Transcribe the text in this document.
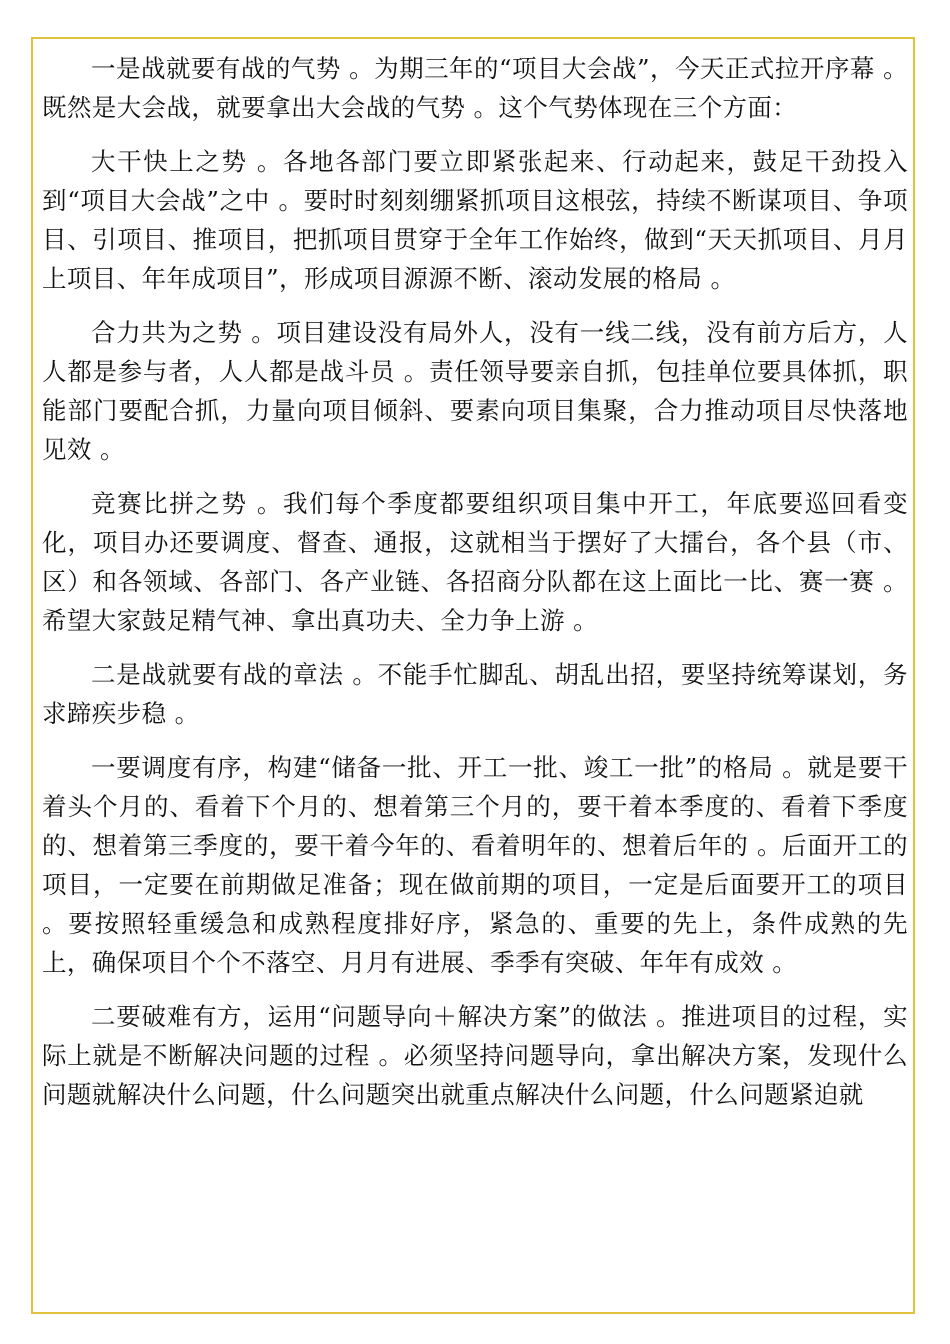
一是战就要有战的气势 。为期三年的“项目大会战”，今天正式拉开序幕 。既然是大会战，就要拿出大会战的气势 。这个气势体现在三个方面：

大干快上之势 。各地各部门要立即紧张起来、行动起来，鼓足干劲投入到“项目大会战”之中 。要时时刻刻绷紧抓项目这根弦，持续不断谋项目、争项目、引项目、推项目，把抓项目贯穿于全年工作始终，做到“天天抓项目、月月上项目、年年成项目”，形成项目源源不断、滚动发展的格局 。

合力共为之势 。项目建设没有局外人，没有一线二线，没有前方后方，人人都是参与者，人人都是战斗员 。责任领导要亲自抓，包挂单位要具体抓，职能部门要配合抓，力量向项目倾斜、要素向项目集聚，合力推动项目尽快落地见效 。

竞赛比拼之势 。我们每个季度都要组织项目集中开工，年底要巡回看变化，项目办还要调度、督查、通报，这就相当于摆好了大擂台，各个县（市、区）和各领域、各部门、各产业链、各招商分队都在这上面比一比、赛一赛 。希望大家鼓足精气神、拿出真功夫、全力争上游 。

二是战就要有战的章法 。不能手忙脚乱、胡乱出招，要坚持统筹谋划，务求蹄疾步稳 。

一要调度有序，构建“储备一批、开工一批、竣工一批”的格局 。就是要干着头个月的、看着下个月的、想着第三个月的，要干着本季度的、看着下季度的、想着第三季度的，要干着今年的、看着明年的、想着后年的 。后面开工的项目，一定要在前期做足准备；现在做前期的项目，一定是后面要开工的项目 。要按照轻重缓急和成熟程度排好序，紧急的、重要的先上，条件成熟的先上，确保项目个个不落空、月月有进展、季季有突破、年年有成效 。

二要破难有方，运用“问题导向＋解决方案”的做法 。推进项目的过程，实际上就是不断解决问题的过程 。必须坚持问题导向，拿出解决方案，发现什么问题就解决什么问题，什么问题突出就重点解决什么问题，什么问题紧迫就
